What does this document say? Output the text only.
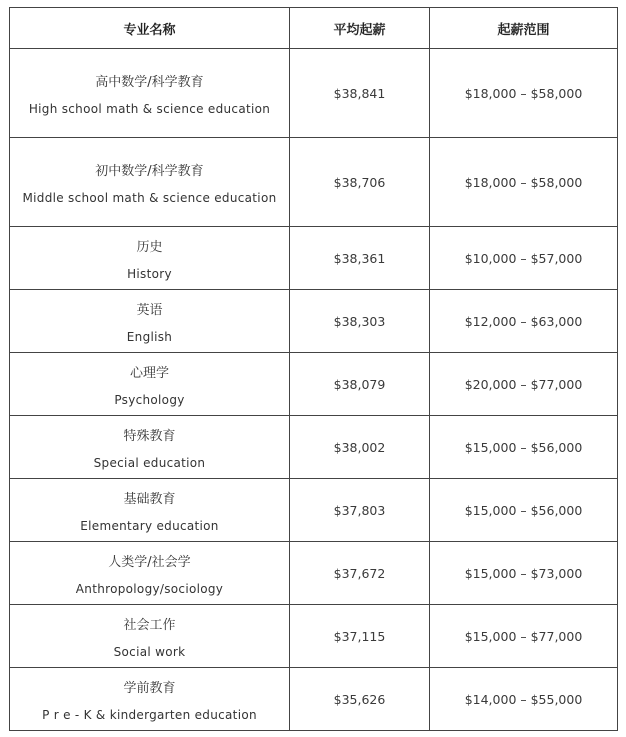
专业名称	平均起薪	起薪范围

高中数学/科学教育
High school math & science education	$38,841	$18,000 – $58,000

初中数学/科学教育
Middle school math & science education	$38,706	$18,000 – $58,000

历史
History	$38,361	$10,000 – $57,000

英语
English	$38,303	$12,000 – $63,000

心理学
Psychology	$38,079	$20,000 – $77,000

特殊教育
Special education	$38,002	$15,000 – $56,000

基础教育
Elementary education	$37,803	$15,000 – $56,000

人类学/社会学
Anthropology/sociology	$37,672	$15,000 – $73,000

社会工作
Social work	$37,115	$15,000 – $77,000

学前教育
P r e - K & kindergarten education	$35,626	$14,000 – $55,000
